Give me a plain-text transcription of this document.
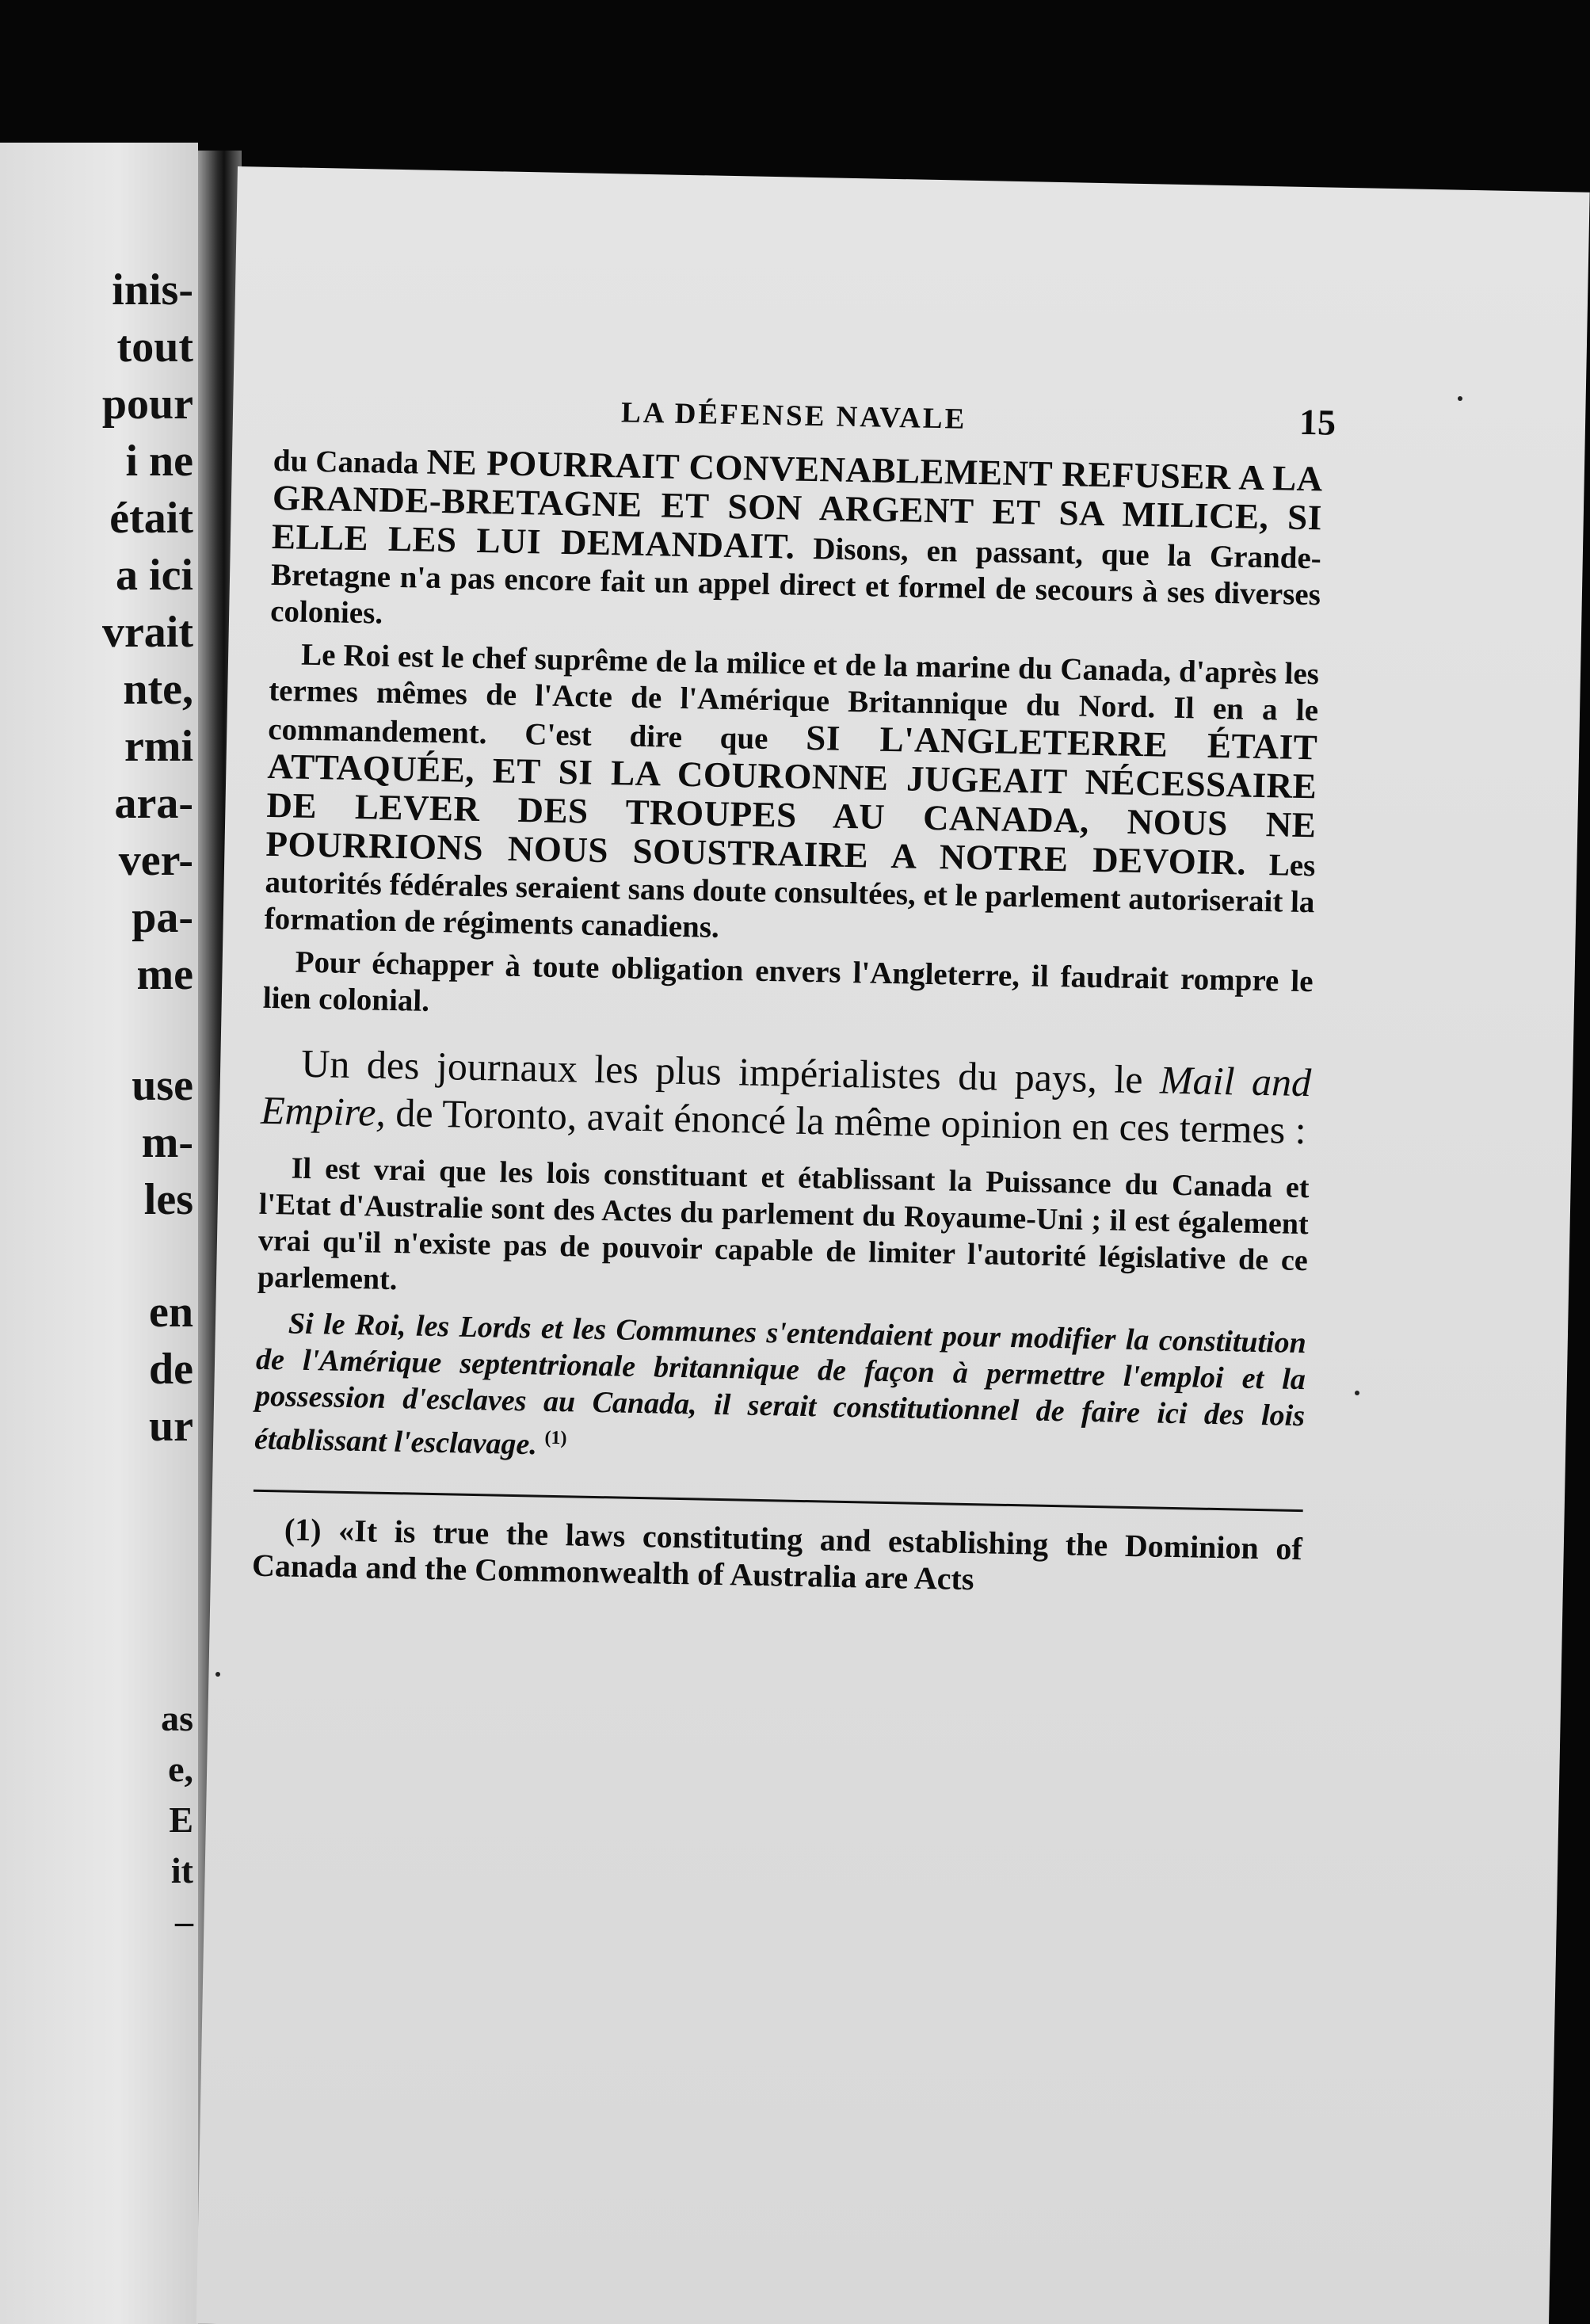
inis-
tout
pour
i ne
était
a ici
vrait
nte,
rmi
ara-
ver-
pa-
me
use
m-
les
en
de
ur
as
e,
E
it
–
LA DÉFENSE NAVALE	15

du Canada NE POURRAIT CONVENABLEMENT REFUSER A LA GRANDE-BRETAGNE ET SON ARGENT ET SA MILICE, SI ELLE LES LUI DEMANDAIT. Disons, en passant, que la Grande-Bretagne n'a pas encore fait un appel direct et formel de secours à ses diverses colonies.

Le Roi est le chef suprême de la milice et de la marine du Canada, d'après les termes mêmes de l'Acte de l'Amérique Britannique du Nord. Il en a le commandement. C'est dire que SI L'ANGLETERRE ÉTAIT ATTAQUÉE, ET SI LA COURONNE JUGEAIT NÉCESSAIRE DE LEVER DES TROUPES AU CANADA, NOUS NE POURRIONS NOUS SOUSTRAIRE A NOTRE DEVOIR. Les autorités fédérales seraient sans doute consultées, et le parlement autoriserait la formation de régiments canadiens.

Pour échapper à toute obligation envers l'Angleterre, il faudrait rompre le lien colonial.

Un des journaux les plus impérialistes du pays, le Mail and Empire, de Toronto, avait énoncé la même opinion en ces termes :

Il est vrai que les lois constituant et établissant la Puissance du Canada et l'Etat d'Australie sont des Actes du parlement du Royaume-Uni ; il est également vrai qu'il n'existe pas de pouvoir capable de limiter l'autorité législative de ce parlement.

Si le Roi, les Lords et les Communes s'entendaient pour modifier la constitution de l'Amérique septentrionale britannique de façon à permettre l'emploi et la possession d'esclaves au Canada, il serait constitutionnel de faire ici des lois établissant l'esclavage. $^{(1)}$

(1) «It is true the laws constituting and establishing the Dominion of Canada and the Commonwealth of Australia are Acts
